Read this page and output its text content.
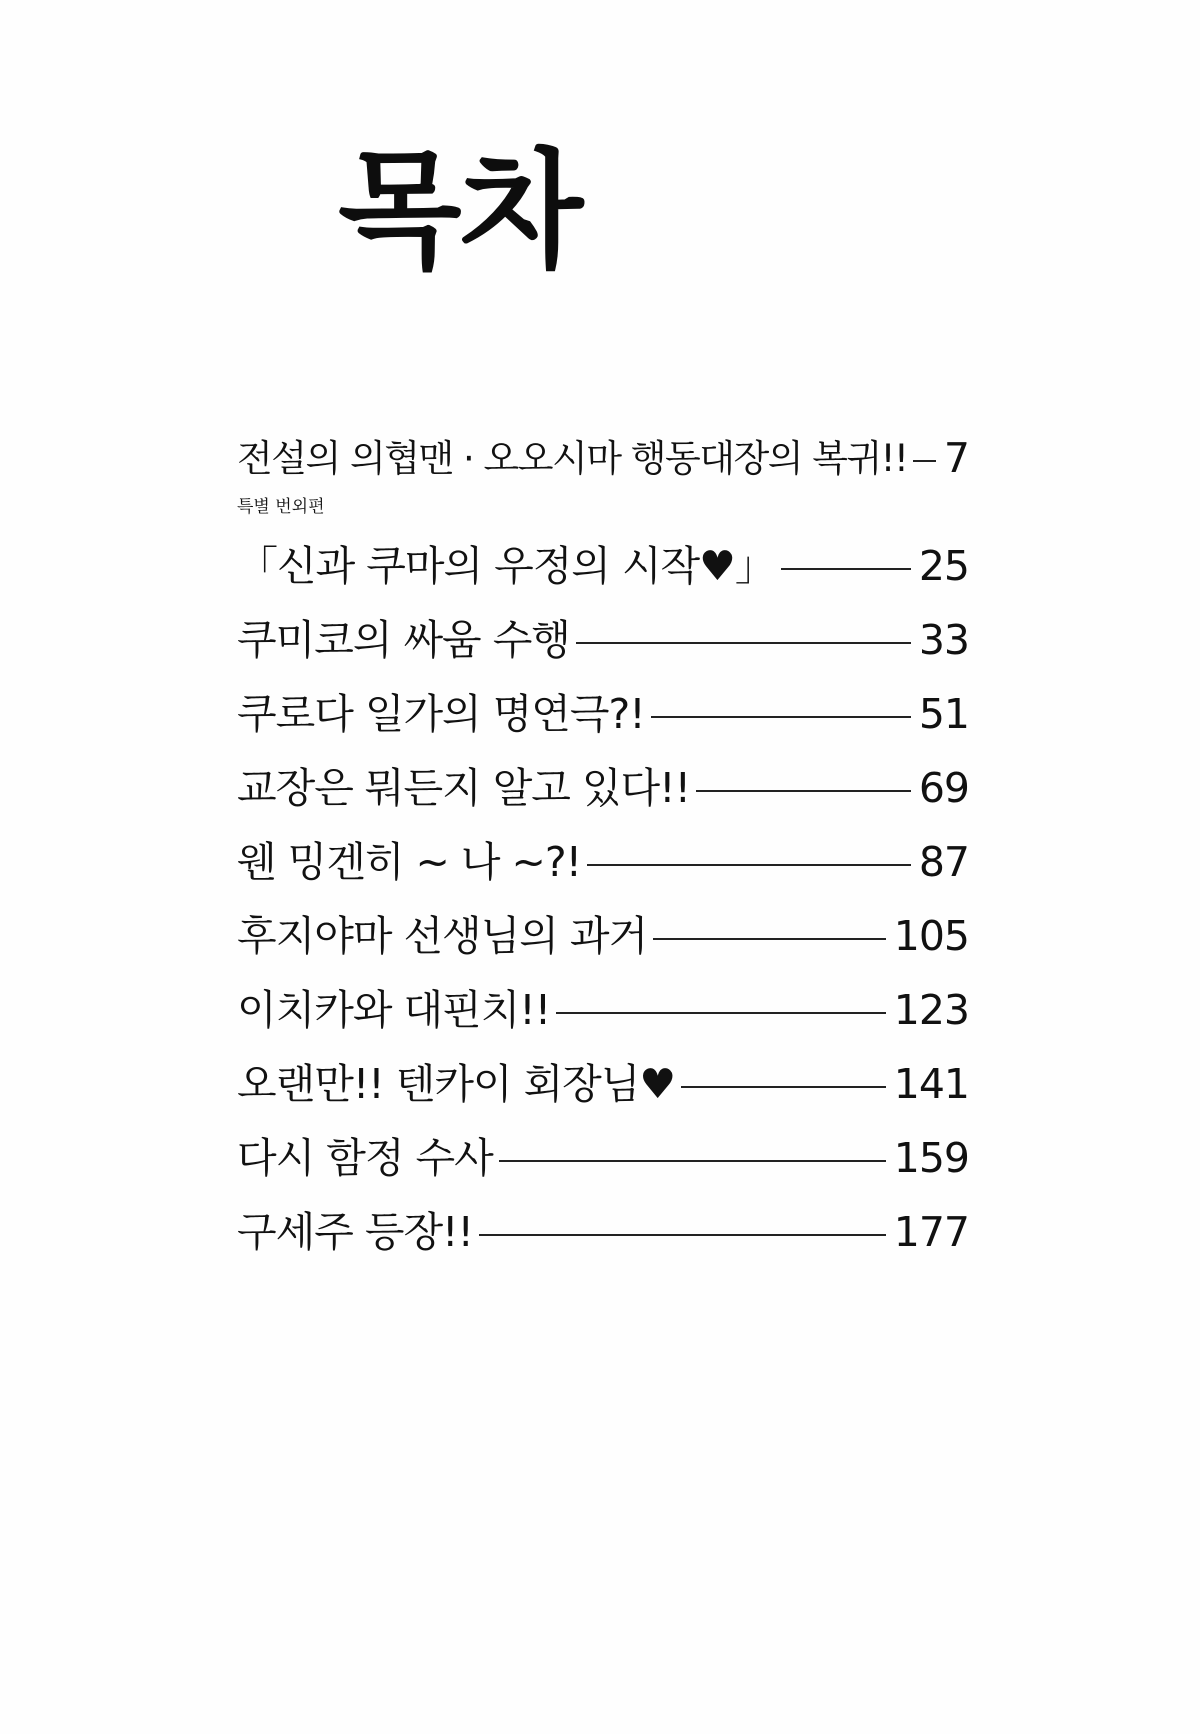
목차
전설의 의협맨 · 오오시마 행동대장의 복귀!! 7
특별 번외편
「신과 쿠마의 우정의 시작♥」	25
쿠미코의 싸움 수행	33
쿠로다 일가의 명연극?!	51
교장은 뭐든지 알고 있다!!	69
웬 밍겐히 ~ 나 ~?!	87
후지야마 선생님의 과거	105
이치카와 대핀치!!	123
오랜만!! 텐카이 회장님♥	141
다시 함정 수사	159
구세주 등장!!	177
